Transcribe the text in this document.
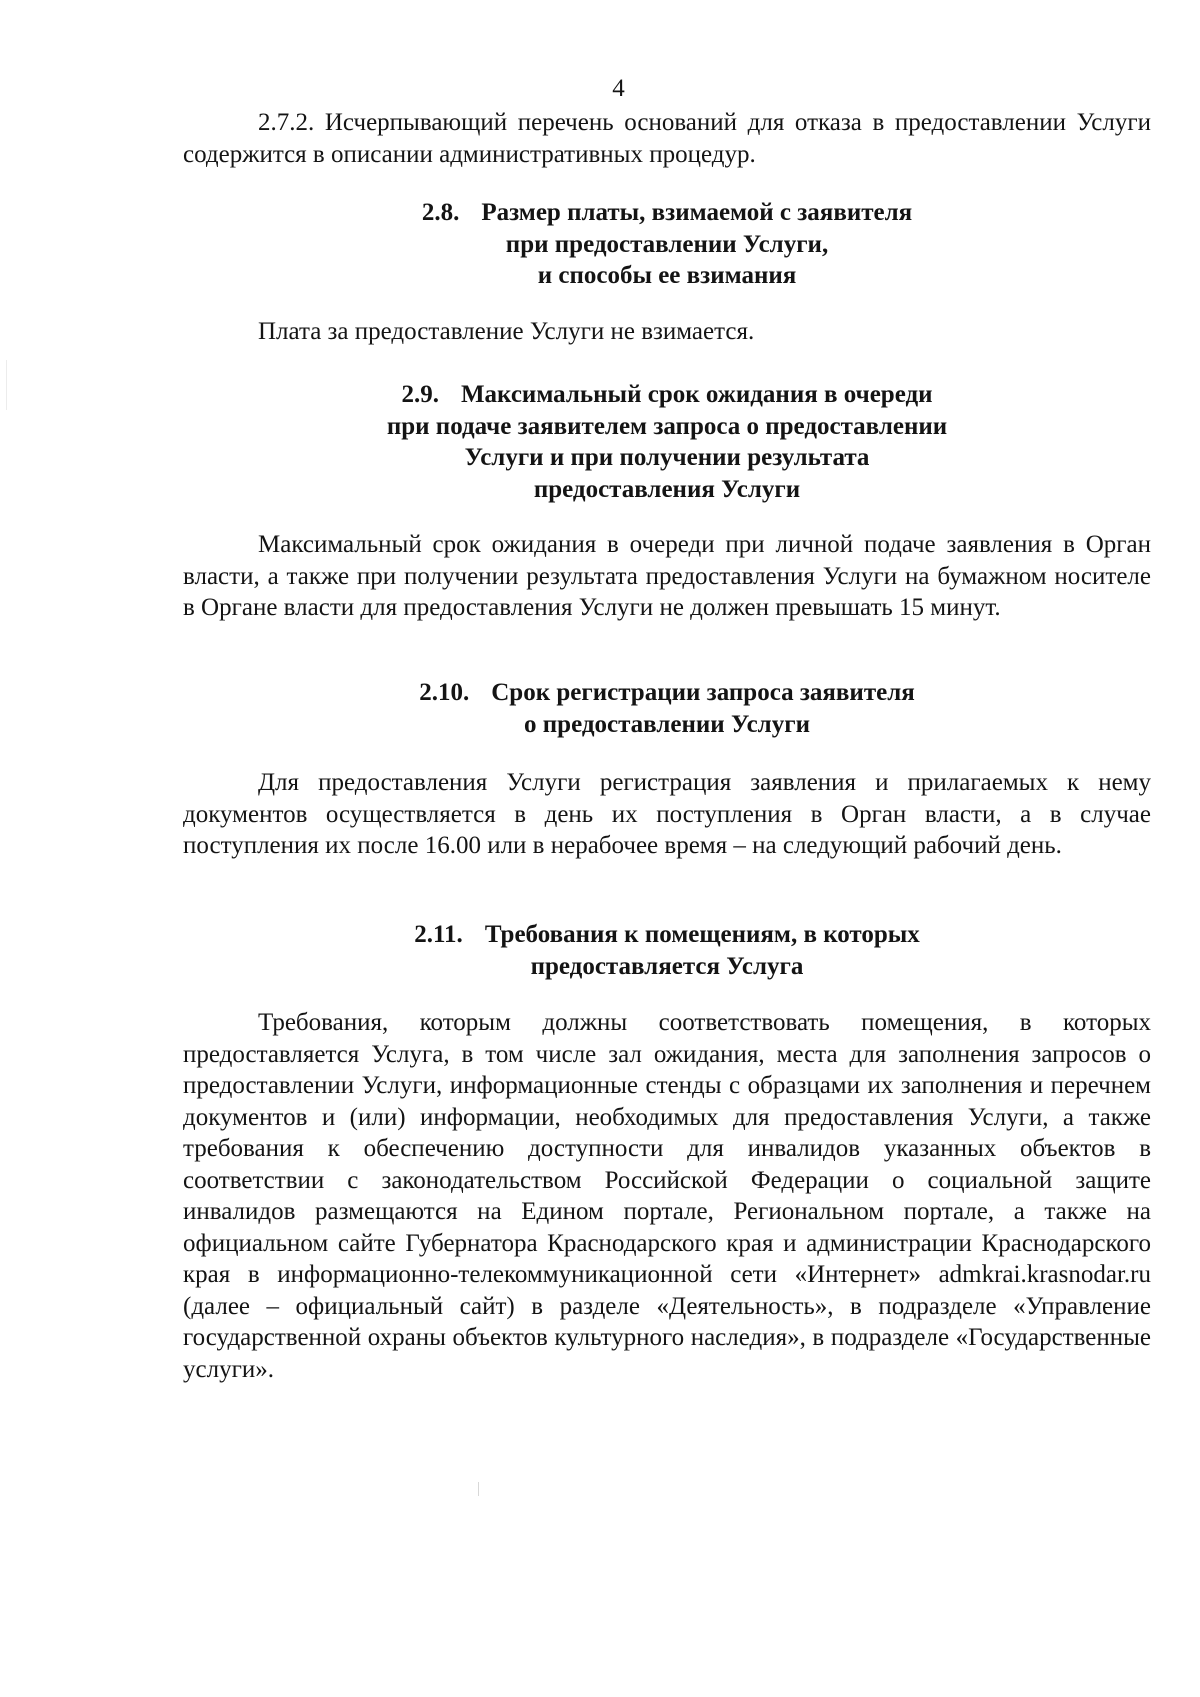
4

2.7.2. Исчерпывающий перечень оснований для отказа в предоставлении Услуги содержится в описании административных процедур.

2.8. Размер платы, взимаемой с заявителя
при предоставлении Услуги,
и способы ее взимания

Плата за предоставление Услуги не взимается.

2.9. Максимальный срок ожидания в очереди
при подаче заявителем запроса о предоставлении
Услуги и при получении результата
предоставления Услуги

Максимальный срок ожидания в очереди при личной подаче заявления в Орган власти, а также при получении результата предоставления Услуги на бумажном носителе в Органе власти для предоставления Услуги не должен превышать 15 минут.

2.10. Срок регистрации запроса заявителя
о предоставлении Услуги

Для предоставления Услуги регистрация заявления и прилагаемых к нему документов осуществляется в день их поступления в Орган власти, а в случае поступления их после 16.00 или в нерабочее время – на следующий рабочий день.

2.11. Требования к помещениям, в которых
предоставляется Услуга

Требования, которым должны соответствовать помещения, в которых предоставляется Услуга, в том числе зал ожидания, места для заполнения запросов о предоставлении Услуги, информационные стенды с образцами их заполнения и перечнем документов и (или) информации, необходимых для предоставления Услуги, а также требования к обеспечению доступности для инвалидов указанных объектов в соответствии с законодательством Российской Федерации о социальной защите инвалидов размещаются на Едином портале, Региональном портале, а также на официальном сайте Губернатора Краснодарского края и администрации Краснодарского края в информационно-телекоммуникационной сети «Интернет» admkrai.krasnodar.ru (далее – официальный сайт) в разделе «Деятельность», в подразделе «Управление государственной охраны объектов культурного наследия», в подразделе «Государственные услуги».
